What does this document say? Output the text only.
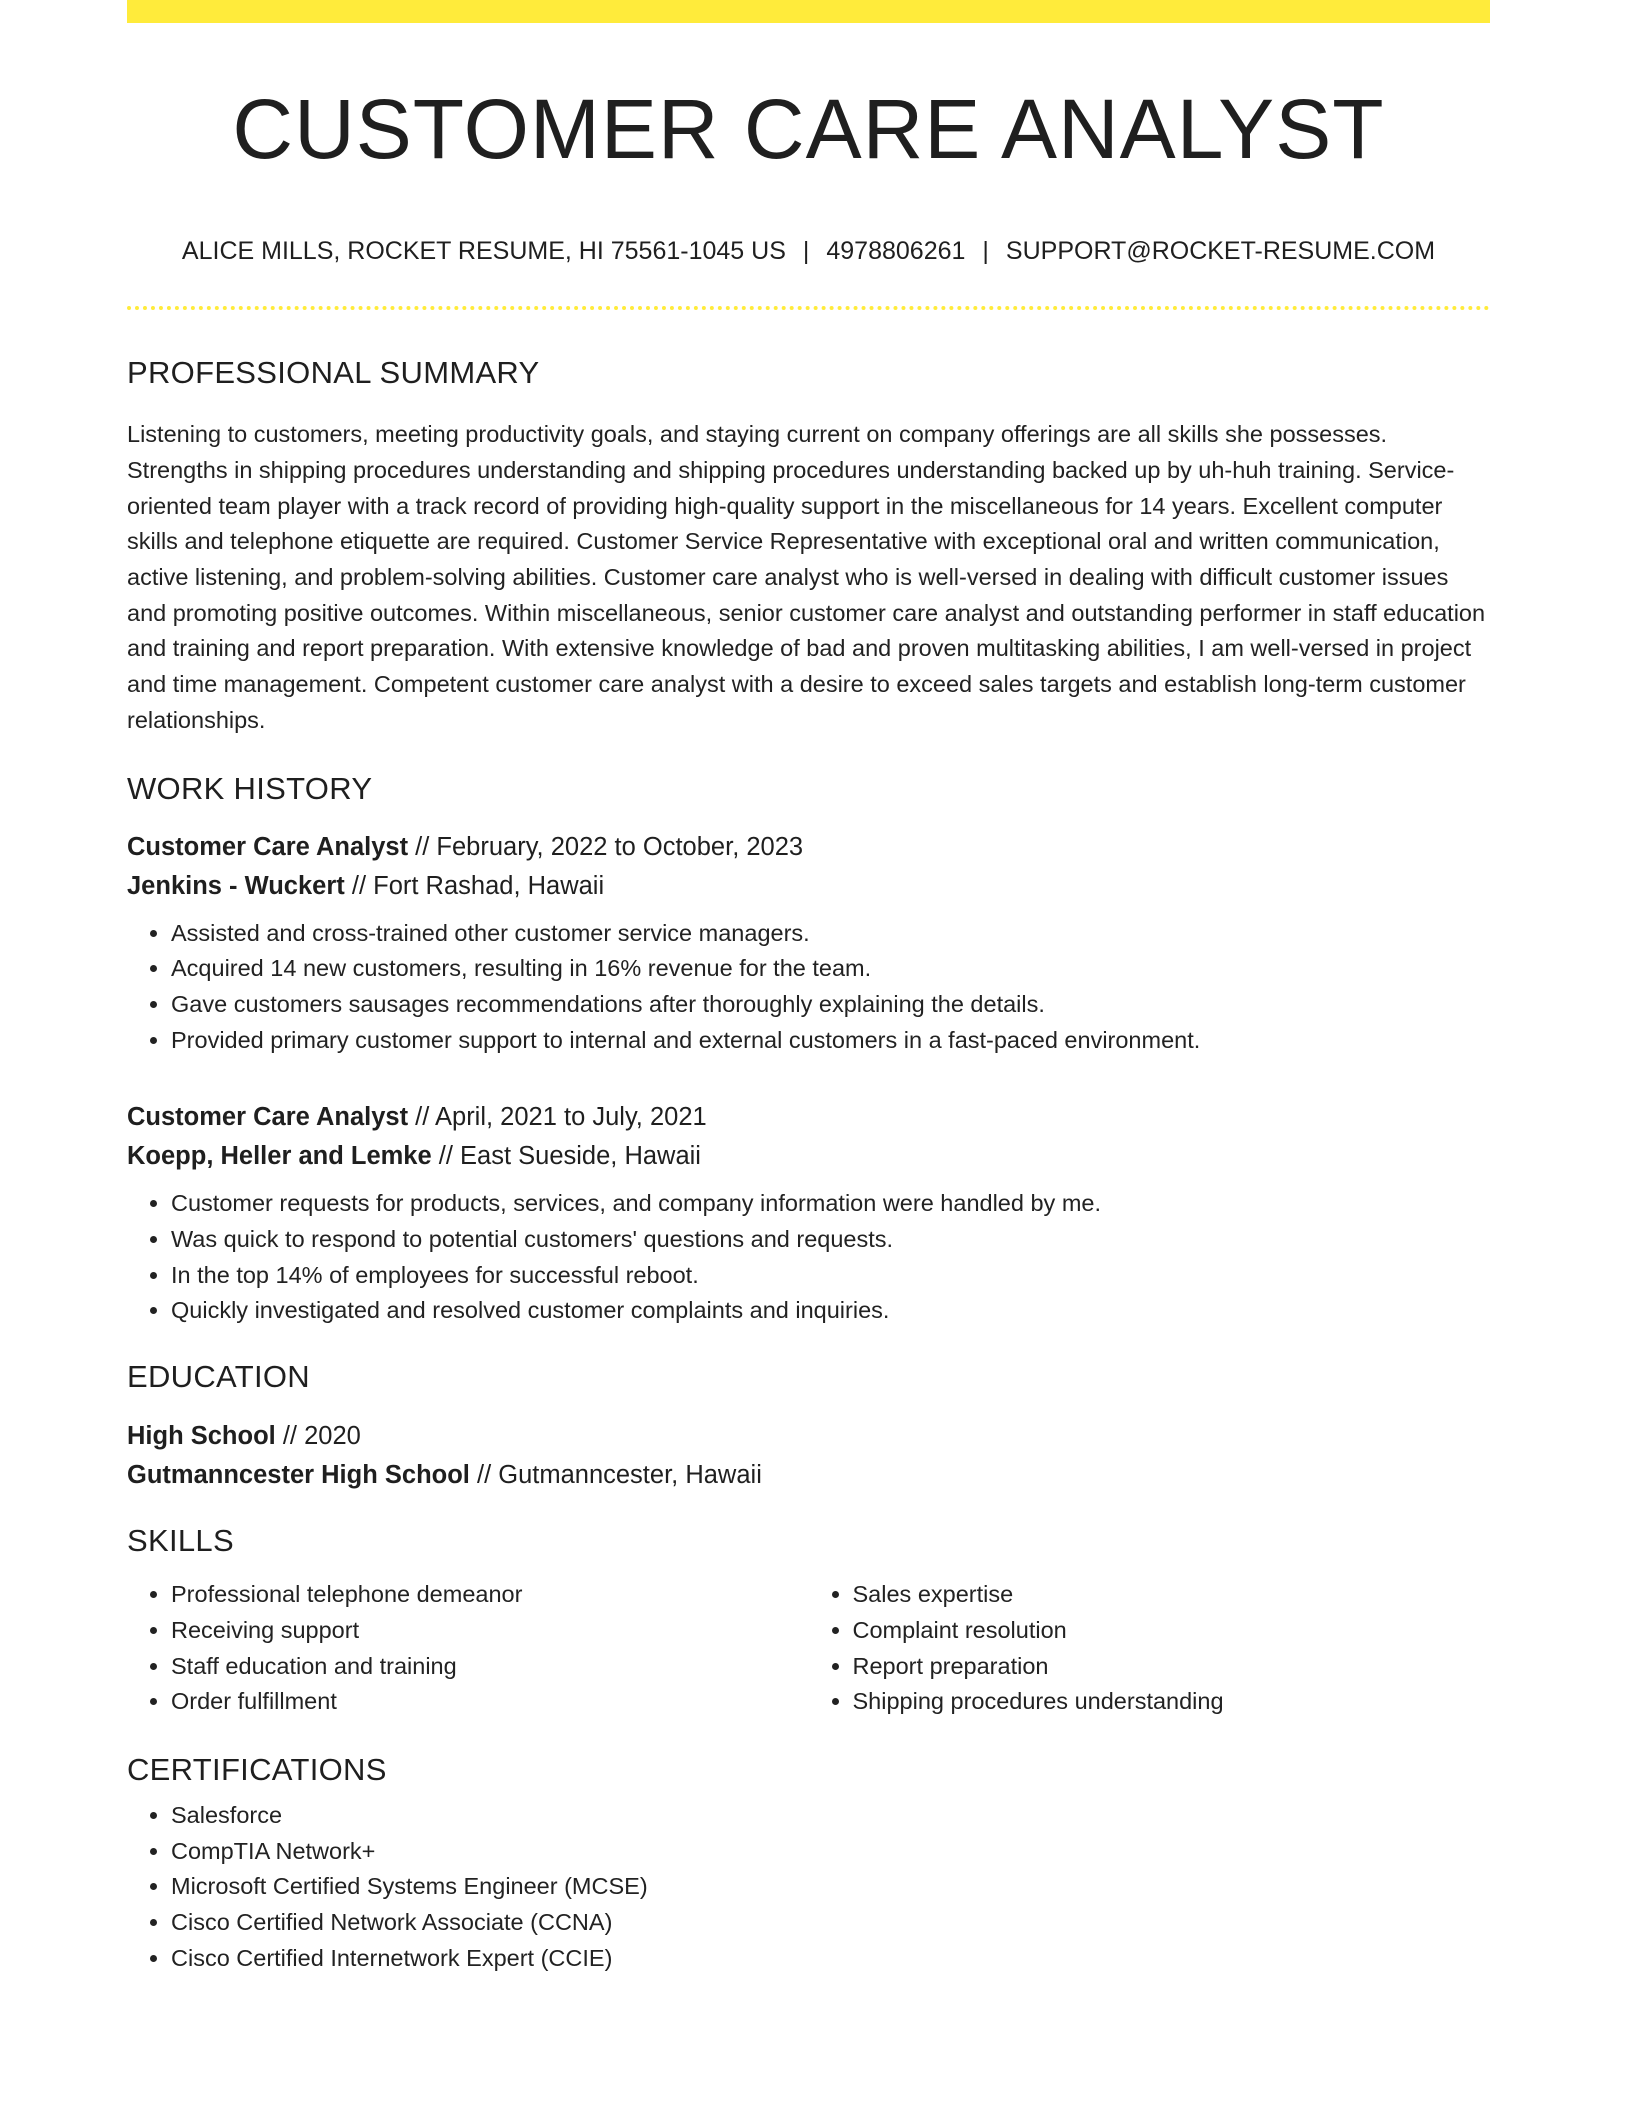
CUSTOMER CARE ANALYST
ALICE MILLS, ROCKET RESUME, HI 75561-1045 US | 4978806261 | SUPPORT@ROCKET-RESUME.COM
PROFESSIONAL SUMMARY

Listening to customers, meeting productivity goals, and staying current on company offerings are all skills she possesses. Strengths in shipping procedures understanding and shipping procedures understanding backed up by uh-huh training. Service-oriented team player with a track record of providing high-quality support in the miscellaneous for 14 years. Excellent computer skills and telephone etiquette are required. Customer Service Representative with exceptional oral and written communication, active listening, and problem-solving abilities. Customer care analyst who is well-versed in dealing with difficult customer issues and promoting positive outcomes. Within miscellaneous, senior customer care analyst and outstanding performer in staff education and training and report preparation. With extensive knowledge of bad and proven multitasking abilities, I am well-versed in project and time management. Competent customer care analyst with a desire to exceed sales targets and establish long-term customer relationships.

WORK HISTORY
Customer Care Analyst // February, 2022 to October, 2023
Jenkins - Wuckert // Fort Rashad, Hawaii
• Assisted and cross-trained other customer service managers.
• Acquired 14 new customers, resulting in 16% revenue for the team.
• Gave customers sausages recommendations after thoroughly explaining the details.
• Provided primary customer support to internal and external customers in a fast-paced environment.
Customer Care Analyst // April, 2021 to July, 2021
Koepp, Heller and Lemke // East Sueside, Hawaii
• Customer requests for products, services, and company information were handled by me.
• Was quick to respond to potential customers' questions and requests.
• In the top 14% of employees for successful reboot.
• Quickly investigated and resolved customer complaints and inquiries.
EDUCATION
High School // 2020
Gutmanncester High School // Gutmanncester, Hawaii
SKILLS
• Professional telephone demeanor
• Receiving support
• Staff education and training
• Order fulfillment
• Sales expertise
• Complaint resolution
• Report preparation
• Shipping procedures understanding
CERTIFICATIONS
• Salesforce
• CompTIA Network+
• Microsoft Certified Systems Engineer (MCSE)
• Cisco Certified Network Associate (CCNA)
• Cisco Certified Internetwork Expert (CCIE)
